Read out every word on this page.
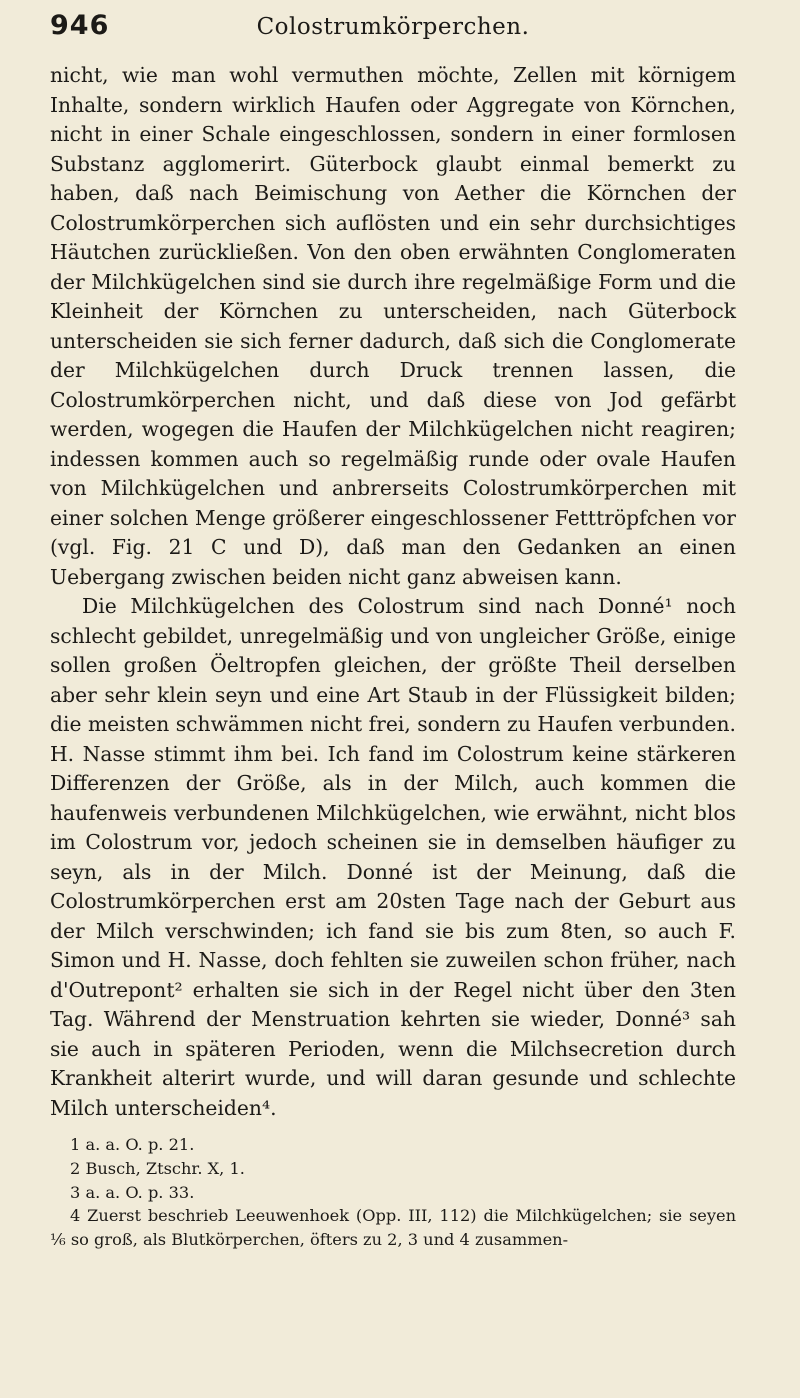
946	Colostrumkörperchen.

nicht, wie man wohl vermuthen möchte, Zellen mit körnigem Inhalte, sondern wirklich Haufen oder Aggregate von Körnchen, nicht in einer Schale eingeschlossen, sondern in einer formlosen Substanz agglomerirt. Güterbock glaubt einmal bemerkt zu haben, daß nach Beimischung von Aether die Körnchen der Colostrumkörperchen sich auflösten und ein sehr durchsichtiges Häutchen zurückließen. Von den oben erwähnten Conglomeraten der Milchkügelchen sind sie durch ihre regelmäßige Form und die Kleinheit der Körnchen zu unterscheiden, nach Güterbock unterscheiden sie sich ferner dadurch, daß sich die Conglomerate der Milchkügelchen durch Druck trennen lassen, die Colostrumkörperchen nicht, und daß diese von Jod gefärbt werden, wogegen die Haufen der Milchkügelchen nicht reagiren; indessen kommen auch so regelmäßig runde oder ovale Haufen von Milchkügelchen und anbrerseits Colostrumkörperchen mit einer solchen Menge größerer eingeschlossener Fetttröpfchen vor (vgl. Fig. 21 C und D), daß man den Gedanken an einen Uebergang zwischen beiden nicht ganz abweisen kann.

Die Milchkügelchen des Colostrum sind nach Donné¹ noch schlecht gebildet, unregelmäßig und von ungleicher Größe, einige sollen großen Öeltropfen gleichen, der größte Theil derselben aber sehr klein seyn und eine Art Staub in der Flüssigkeit bilden; die meisten schwämmen nicht frei, sondern zu Haufen verbunden. H. Nasse stimmt ihm bei. Ich fand im Colostrum keine stärkeren Differenzen der Größe, als in der Milch, auch kommen die haufenweis verbundenen Milchkügelchen, wie erwähnt, nicht blos im Colostrum vor, jedoch scheinen sie in demselben häufiger zu seyn, als in der Milch. Donné ist der Meinung, daß die Colostrumkörperchen erst am 20sten Tage nach der Geburt aus der Milch verschwinden; ich fand sie bis zum 8ten, so auch F. Simon und H. Nasse, doch fehlten sie zuweilen schon früher, nach d'Outrepont² erhalten sie sich in der Regel nicht über den 3ten Tag. Während der Menstruation kehrten sie wieder, Donné³ sah sie auch in späteren Perioden, wenn die Milchsecretion durch Krankheit alterirt wurde, und will daran gesunde und schlechte Milch unterscheiden⁴.

1 a. a. O. p. 21.

2 Busch, Ztschr. X, 1.

3 a. a. O. p. 33.

4 Zuerst beschrieb Leeuwenhoek (Opp. III, 112) die Milchkügelchen; sie seyen ⅙ so groß, als Blutkörperchen, öfters zu 2, 3 und 4 zusammen-
